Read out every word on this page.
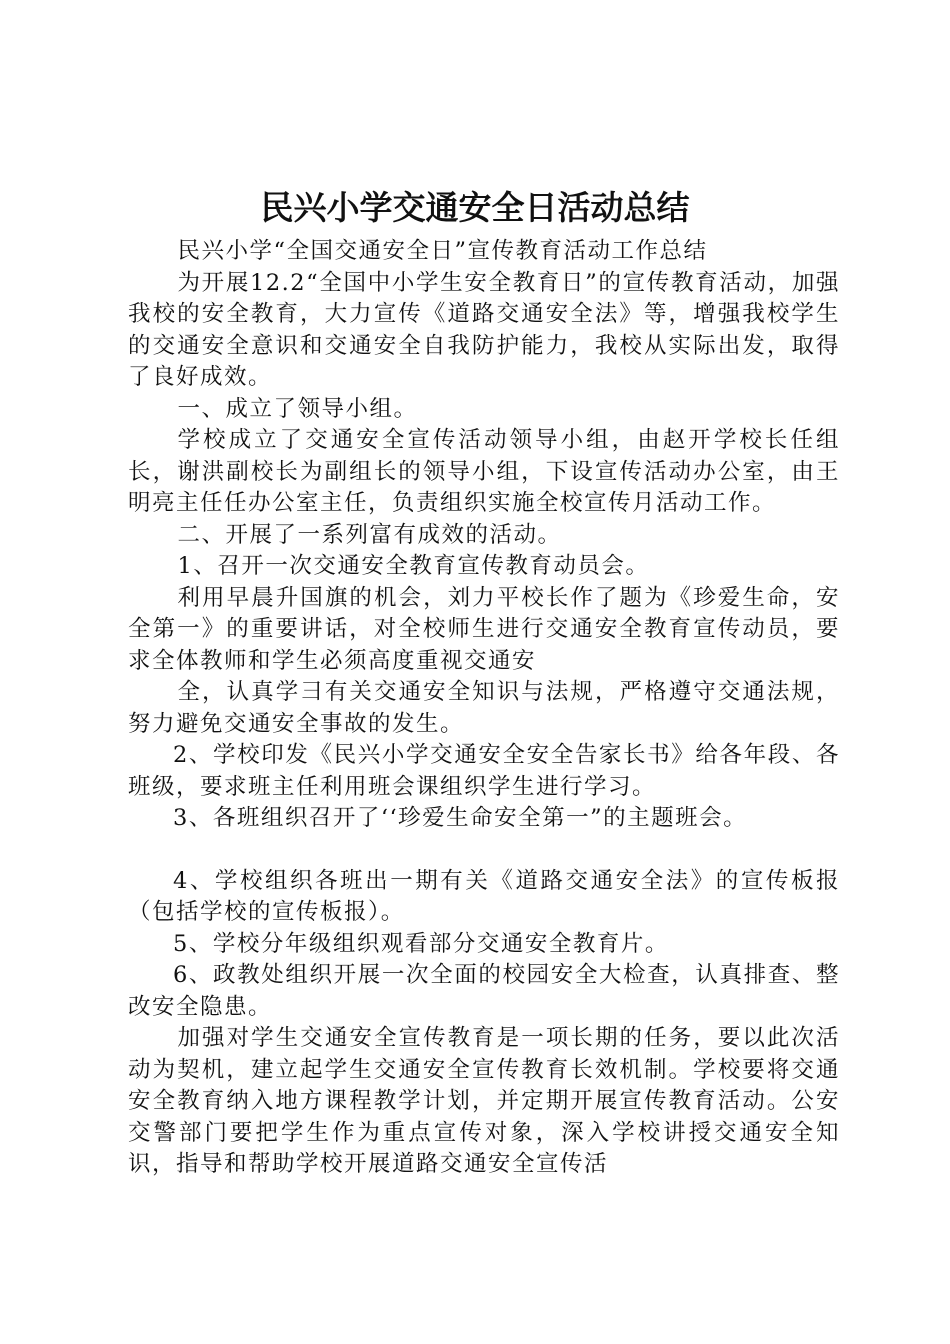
民兴小学交通安全日活动总结

民兴小学“全国交通安全日”宣传教育活动工作总结

为开展12.2“全国中小学生安全教育日”的宣传教育活动，加强我校的安全教育，大力宣传《道路交通安全法》等，增强我校学生的交通安全意识和交通安全自我防护能力，我校从实际出发，取得了良好成效。

一、成立了领导小组。

学校成立了交通安全宣传活动领导小组，由赵开学校长任组长，谢洪副校长为副组长的领导小组，下设宣传活动办公室，由王明亮主任任办公室主任，负责组织实施全校宣传月活动工作。

二、开展了一系列富有成效的活动。

1、召开一次交通安全教育宣传教育动员会。

利用早晨升国旗的机会，刘力平校长作了题为《珍爱生命，安全第一》的重要讲话，对全校师生进行交通安全教育宣传动员，要求全体教师和学生必须高度重视交通安

全，认真学彐有关交通安全知识与法规，严格遵守交通法规，努力避免交通安全事故的发生。

2、学校印发《民兴小学交通安全安全告家长书》给各年段、各班级，要求班主任利用班会课组织学生进行学习。

3、各班组织召开了‘‘珍爱生命安全第一”的主题班会。

4、学校组织各班出一期有关《道路交通安全法》的宣传板报（包括学校的宣传板报）。

5、学校分年级组织观看部分交通安全教育片。

6、政教处组织开展一次全面的校园安全大检查，认真排查、整改安全隐患。

加强对学生交通安全宣传教育是一项长期的任务，要以此次活动为契机，建立起学生交通安全宣传教育长效机制。学校要将交通安全教育纳入地方课程教学计划，并定期开展宣传教育活动。公安交警部门要把学生作为重点宣传对象，深入学校讲授交通安全知识，指导和帮助学校开展道路交通安全宣传活
